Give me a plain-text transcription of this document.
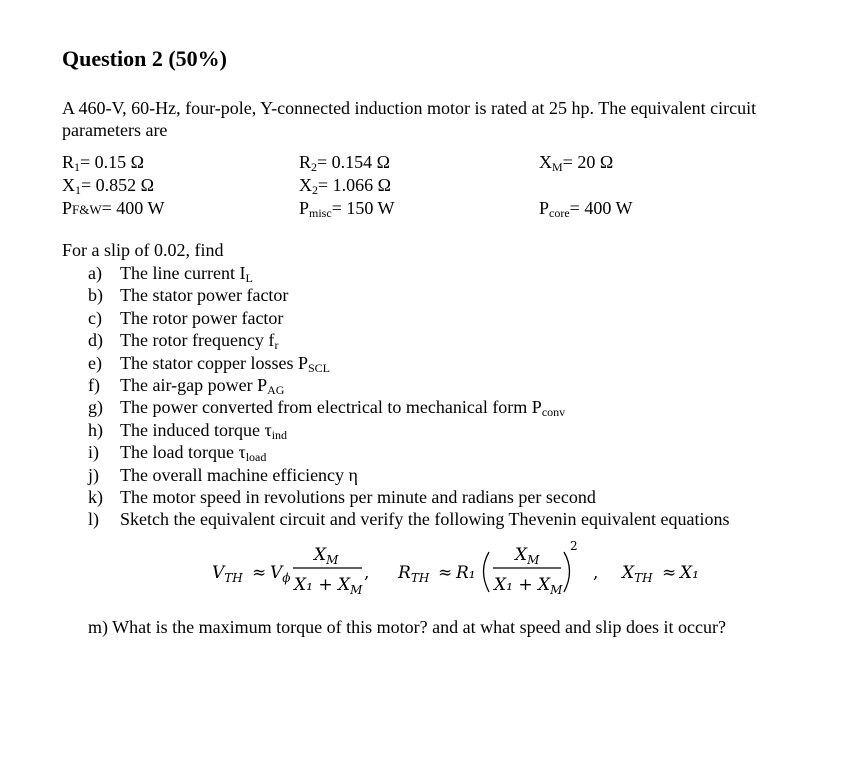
Question 2 (50%)
A 460-V, 60-Hz, four-pole, Y-connected induction motor is rated at 25 hp. The equivalent circuit parameters are
$R_1= 0.15$ Ω	$R_2= 0.154$ Ω	$X_M= 20$ Ω
$X_1= 0.852$ Ω	$X_2= 1.066$ Ω
PF&W= 400 W	$P_{misc}= 150$ W	$P_{core}= 400$ W
For a slip of 0.02, find
a)	The line current $I_L$
b) The stator power factor
c)	The rotor power factor
d) The rotor frequency $f_r$
e)	The stator copper losses $P_{SCL}$
f)	The air-gap power $P_{AG}$
g) The power converted from electrical to mechanical form $P_{conv}$
h) The induced torque $\tau_{ind}$
i)	The load torque $\tau_{load}$
j)	The overall machine efficiency η
k) The motor speed in revolutions per minute and radians per second
l)	Sketch the equivalent circuit and verify the following Thevenin equivalent equations
$V_{TH} \approx V_\phi$
$X_M$
$X_1 + X_M$
, $R_{TH} \approx R_1$
$X_M$
$X_1 + X_M$
2
, $X_{TH} \approx X_1$
m) What is the maximum torque of this motor? and at what speed and slip does it occur?
